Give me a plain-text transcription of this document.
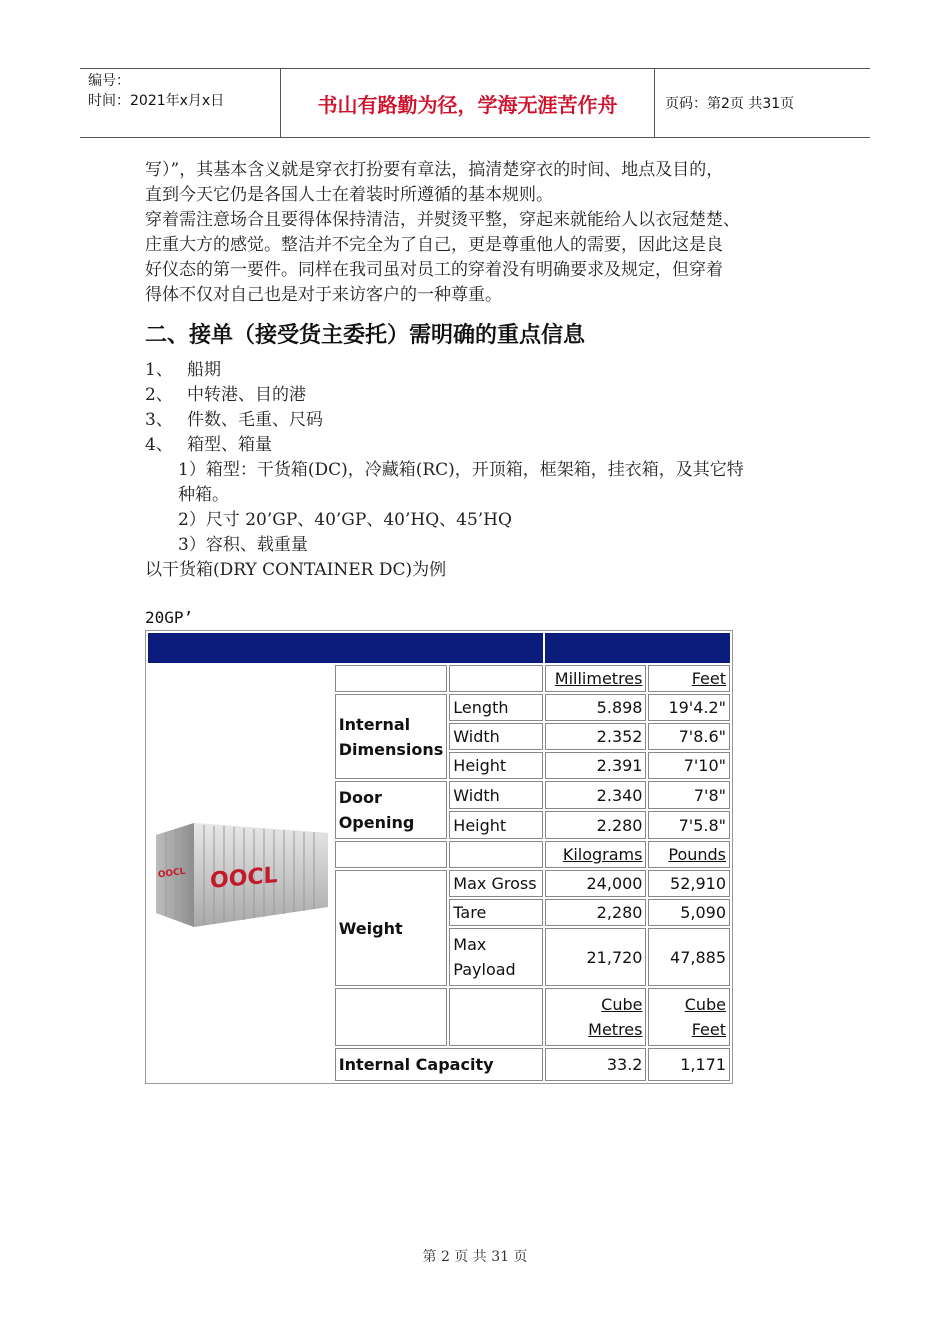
编号：
时间：2021年x月x日	书山有路勤为径，学海无涯苦作舟	页码：第2页 共31页

写）”，其基本含义就是穿衣打扮要有章法，搞清楚穿衣的时间、地点及目的，

直到今天它仍是各国人士在着装时所遵循的基本规则。

穿着需注意场合且要得体保持清洁，并熨烫平整，穿起来就能给人以衣冠楚楚、

庄重大方的感觉。整洁并不完全为了自己，更是尊重他人的需要，因此这是良

好仪态的第一要件。同样在我司虽对员工的穿着没有明确要求及规定，但穿着

得体不仅对自己也是对于来访客户的一种尊重。

二、接单（接受货主委托）需明确的重点信息
1、 船期
2、 中转港、目的港
3、 件数、毛重、尺码
4、 箱型、箱量
1）箱型：干货箱(DC)，冷藏箱(RC)，开顶箱，框架箱，挂衣箱，及其它特
种箱。
2）尺寸 20’GP、40’GP、40’HQ、45’HQ
3）容积、载重量
以干货箱(DRY CONTAINER DC)为例
20GP’
General Purpose 20' x 8' x 8'6"			Steel	

OOCL
OOCL			Millimetres	Feet
	Internal Dimensions	Length	5.898	19'4.2"
		Width	2.352	7'8.6"
		Height	2.391	7'10"
	Door Opening	Width	2.340	7'8"
		Height	2.280	7'5.8"
			Kilograms	Pounds
	Weight	Max Gross	24,000	52,910
		Tare	2,280	5,090
		Max Payload	21,720	47,885
			Cube Metres	Cube Feet
	Internal Capacity		33.2	1,171
第 2 页 共 31 页
